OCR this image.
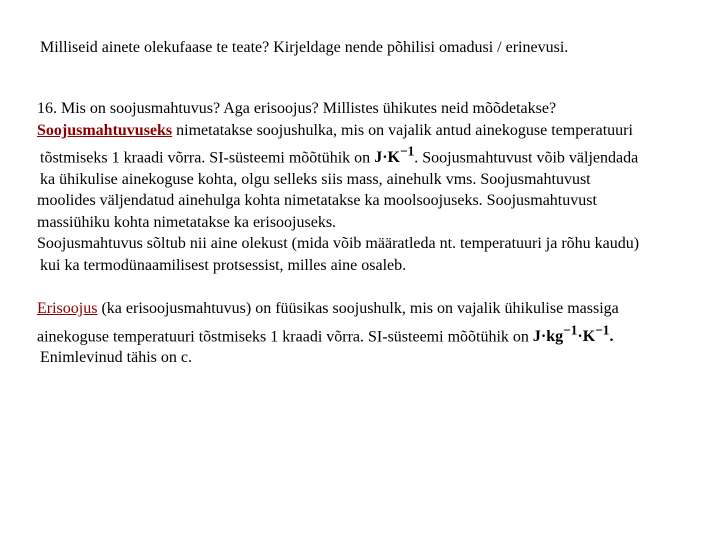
Milliseid ainete olekufaase te teate? Kirjeldage nende põhilisi omadusi / erinevusi.

16. Mis on soojusmahtuvus? Aga erisoojus? Millistes ühikutes neid mõõdetakse?

Soojusmahtuvuseks nimetatakse soojushulka, mis on vajalik antud ainekoguse temperatuuri

tõstmiseks 1 kraadi võrra. SI-süsteemi mõõtühik on $J\cdot K^{-1}$. Soojusmahtuvust võib väljendada

ka ühikulise ainekoguse kohta, olgu selleks siis mass, ainehulk vms. Soojusmahtuvust

moolides väljendatud ainehulga kohta nimetatakse ka moolsoojuseks. Soojusmahtuvust

massiühiku kohta nimetatakse ka erisoojuseks.

Soojusmahtuvus sõltub nii aine olekust (mida võib määratleda nt. temperatuuri ja rõhu kaudu)

kui ka termodünaamilisest protsessist, milles aine osaleb.

Erisoojus (ka erisoojusmahtuvus) on füüsikas soojushulk, mis on vajalik ühikulise massiga

ainekoguse temperatuuri tõstmiseks 1 kraadi võrra. SI-süsteemi mõõtühik on $J\cdot kg^{-1}\cdot K^{-1}$.

Enimlevinud tähis on c.
